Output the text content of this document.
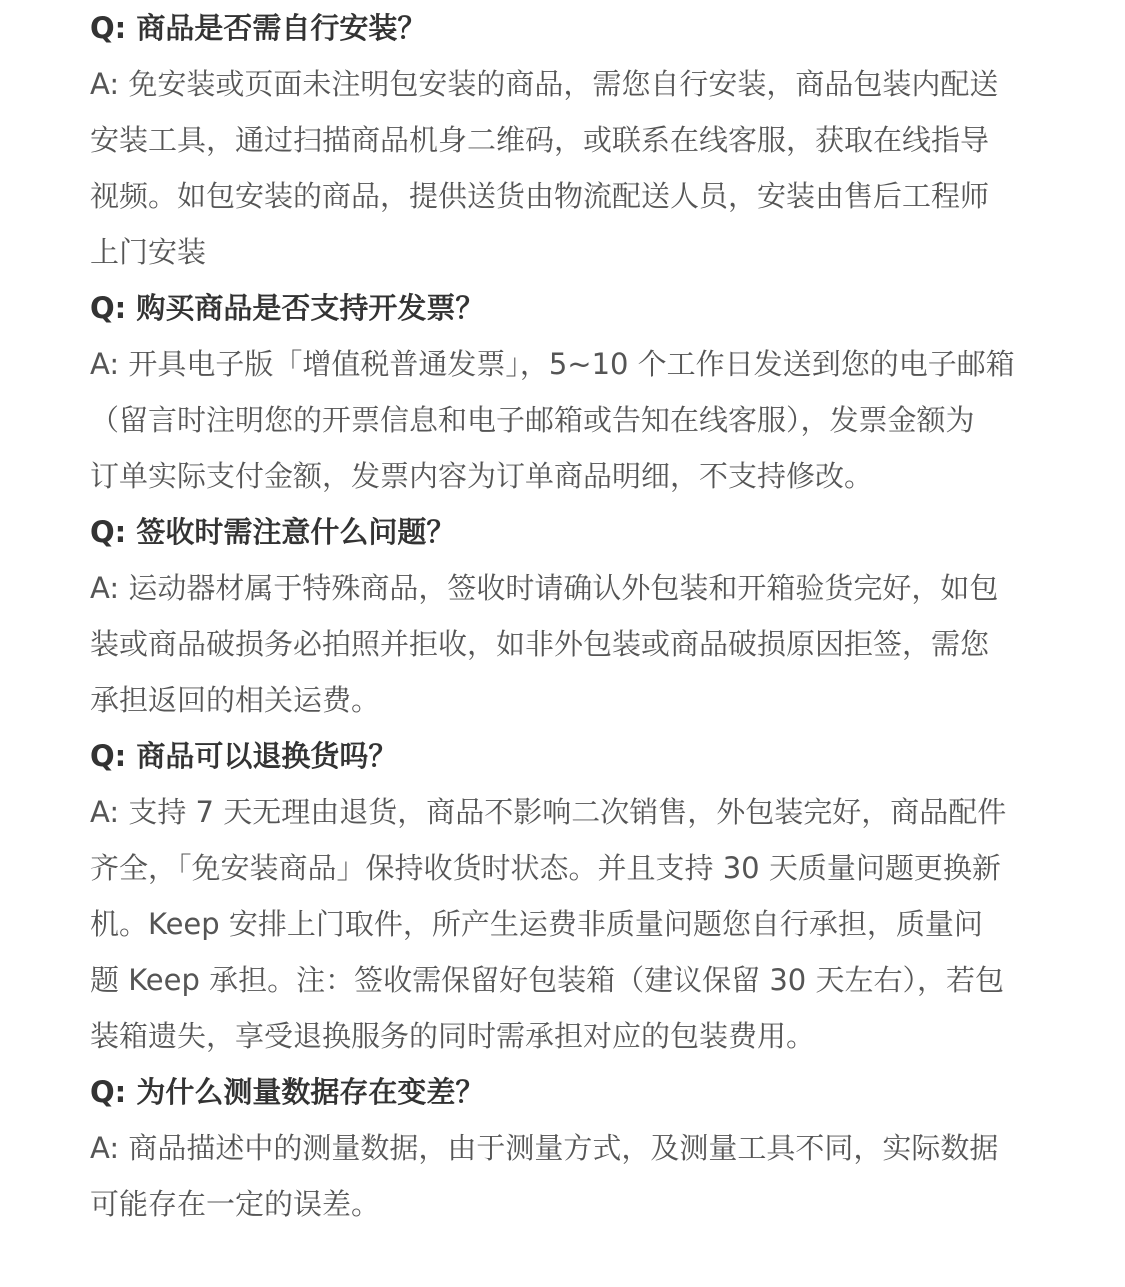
Q: 商品是否需自行安装？
A: 免安装或页面未注明包安装的商品，需您自行安装，商品包装内配送
安装工具，通过扫描商品机身二维码，或联系在线客服，获取在线指导
视频。如包安装的商品，提供送货由物流配送人员，安装由售后工程师
上门安装
Q: 购买商品是否支持开发票？
A: 开具电子版「增值税普通发票」，5~10 个工作日发送到您的电子邮箱
（留言时注明您的开票信息和电子邮箱或告知在线客服），发票金额为
订单实际支付金额，发票内容为订单商品明细，不支持修改。
Q: 签收时需注意什么问题？
A: 运动器材属于特殊商品，签收时请确认外包装和开箱验货完好，如包
装或商品破损务必拍照并拒收，如非外包装或商品破损原因拒签，需您
承担返回的相关运费。
Q: 商品可以退换货吗？
A: 支持 7 天无理由退货，商品不影响二次销售，外包装完好，商品配件
齐全，「免安装商品」保持收货时状态。并且支持 30 天质量问题更换新
机。Keep 安排上门取件，所产生运费非质量问题您自行承担，质量问
题 Keep 承担。注：签收需保留好包装箱（建议保留 30 天左右），若包
装箱遗失，享受退换服务的同时需承担对应的包装费用。
Q: 为什么测量数据存在变差？
A: 商品描述中的测量数据，由于测量方式，及测量工具不同，实际数据
可能存在一定的误差。
